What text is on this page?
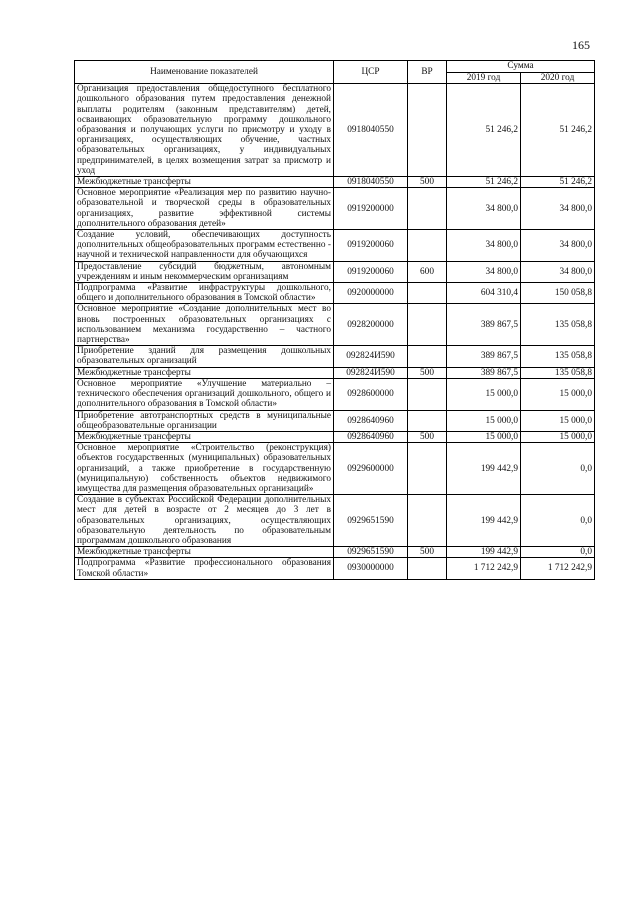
165
Наименование показателей	ЦСР	ВР	Сумма	
			2019 год	2020 год
Организация предоставления общедоступного бесплатного дошкольного образования путем предоставления денежной выплаты родителям (законным представителям) детей, осваивающих образовательную программу дошкольного образования и получающих услуги по присмотру и уходу в организациях, осуществляющих обучение, частных образовательных организациях, у индивидуальных предпринимателей, в целях возмещения затрат за присмотр и уход	0918040550		51 246,2	51 246,2
Межбюджетные трансферты	0918040550	500	51 246,2	51 246,2
Основное мероприятие «Реализация мер по развитию научно-образовательной и творческой среды в образовательных организациях, развитие эффективной системы дополнительного образования детей»	0919200000		34 800,0	34 800,0
Создание условий, обеспечивающих доступность дополнительных общеобразовательных программ естественно - научной и технической направленности для обучающихся	0919200060		34 800,0	34 800,0
Предоставление субсидий бюджетным, автономным учреждениям и иным некоммерческим организациям	0919200060	600	34 800,0	34 800,0
Подпрограмма «Развитие инфраструктуры дошкольного, общего и дополнительного образования в Томской области»	0920000000		604 310,4	150 058,8
Основное мероприятие «Создание дополнительных мест во вновь построенных образовательных организациях с использованием механизма государственно – частного партнерства»	0928200000		389 867,5	135 058,8
Приобретение зданий для размещения дошкольных образовательных организаций	092824И590		389 867,5	135 058,8
Межбюджетные трансферты	092824И590	500	389 867,5	135 058,8
Основное мероприятие «Улучшение материально – технического обеспечения организаций дошкольного, общего и дополнительного образования в Томской области»	0928600000		15 000,0	15 000,0
Приобретение автотранспортных средств в муниципальные общеобразовательные организации	0928640960		15 000,0	15 000,0
Межбюджетные трансферты	0928640960	500	15 000,0	15 000,0
Основное мероприятие «Строительство (реконструкция) объектов государственных (муниципальных) образовательных организаций, а также приобретение в государственную (муниципальную) собственность объектов недвижимого имущества для размещения образовательных организаций»	0929600000		199 442,9	0,0
Создание в субъектах Российской Федерации дополнительных мест для детей в возрасте от 2 месяцев до 3 лет в образовательных организациях, осуществляющих образовательную деятельность по образовательным программам дошкольного образования	0929651590		199 442,9	0,0
Межбюджетные трансферты	0929651590	500	199 442,9	0,0
Подпрограмма «Развитие профессионального образования Томской области»	0930000000		1 712 242,9	1 712 242,9
